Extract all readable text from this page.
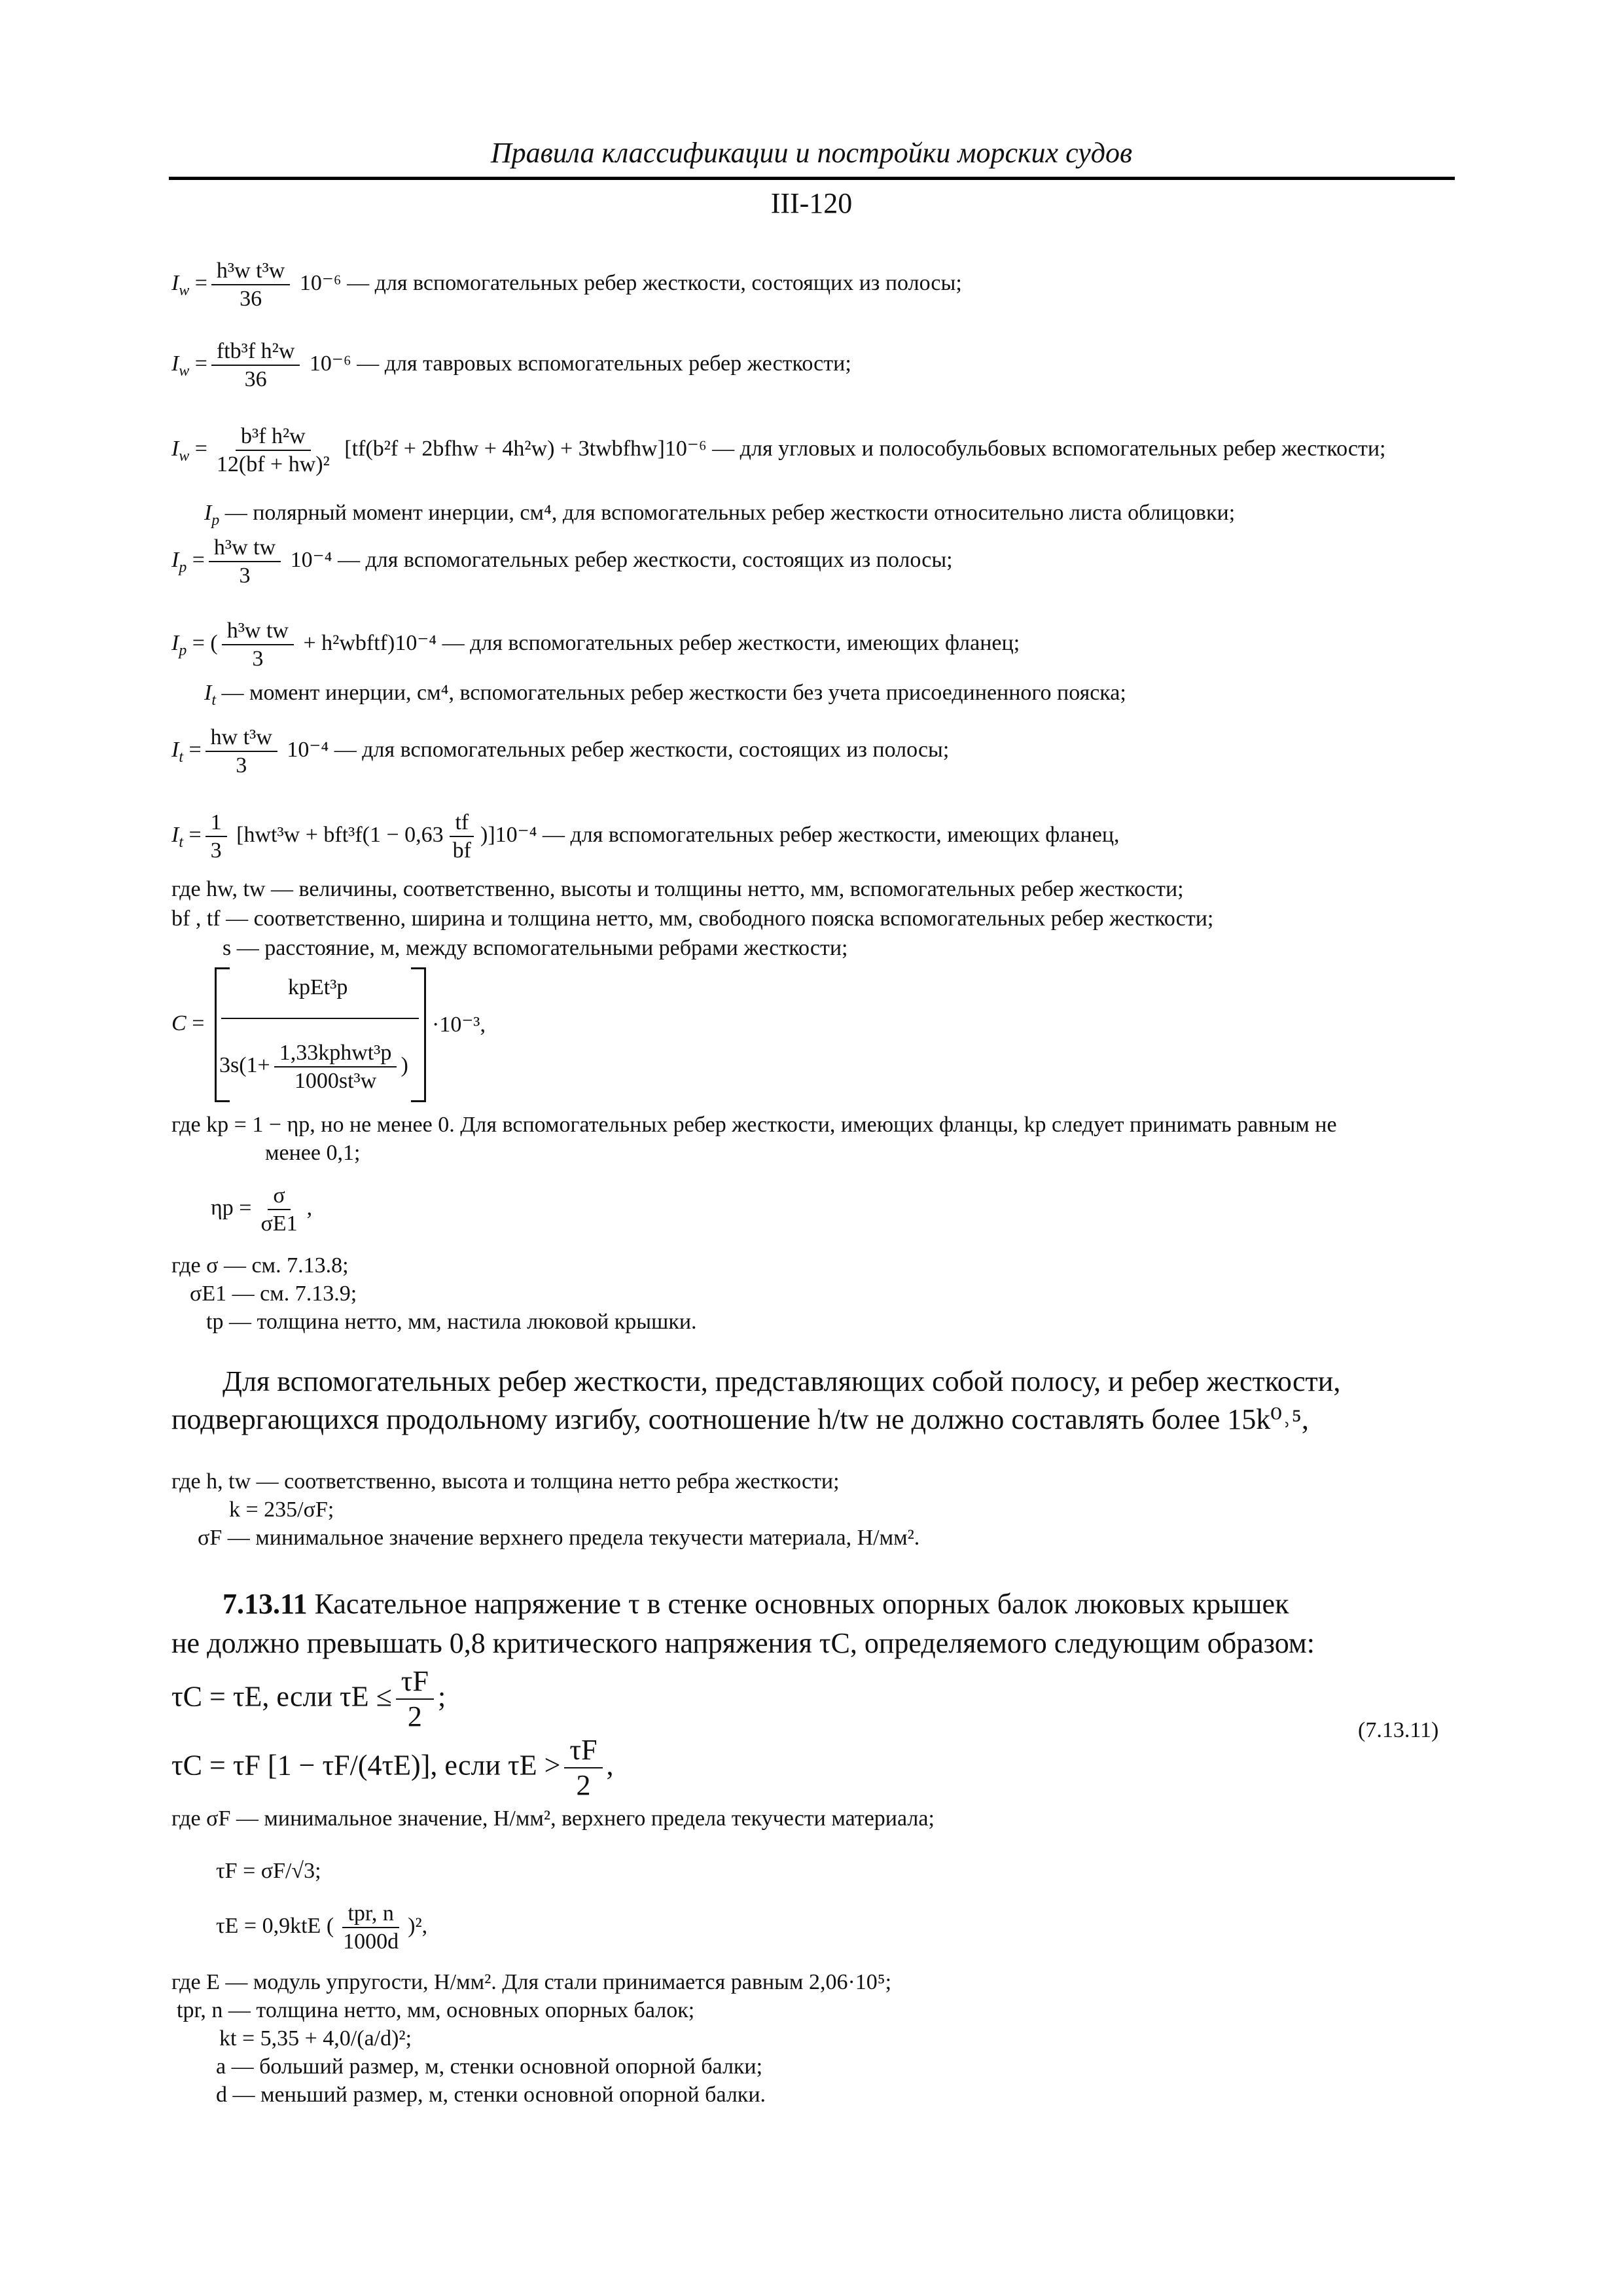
Правила классификации и постройки морских судов
III-120
$I_w = \frac{\text{h³w t³w}}{36} 10^{-6}$ — для вспомогательных ребер жесткости, состоящих из полосы;
$I_w = \frac{\text{ftb³f h²w}}{36} 10^{-6}$ — для тавровых вспомогательных ребер жесткости;
$I_w = \frac{\text{b³f h²w}}{\text{12(bf + hw)²}} [tf(b^2f$ + 2bfhw + 4h²w) + 3twbfhw]10⁻⁶ — для угловых и полособульбовых вспомогательных ребер жесткости;
$I_p$ — полярный момент инерции, см⁴, для вспомогательных ребер жесткости относительно листа облицовки;
$I_p = \frac{\text{h³w tw}}{3} 10^{-4}$ — для вспомогательных ребер жесткости, состоящих из полосы;
$I_p$ = ( $\frac{\text{h³w tw}}{3}$ + h²wbftf)10⁻⁴ — для вспомогательных ребер жесткости, имеющих фланец;
$I_t$ — момент инерции, см⁴, вспомогательных ребер жесткости без учета присоединенного пояска;
$I_t = \frac{\text{hw t³w}}{3} 10^{-4}$ — для вспомогательных ребер жесткости, состоящих из полосы;
$I_t = \frac{1}{3} [hwt^3w + bft^3f(1 - 0,63 \frac{tf}{bf} )]10^{-4}$ — для вспомогательных ребер жесткости, имеющих фланец,
где hw, tw — величины, соответственно, высоты и толщины нетто, мм, вспомогательных ребер жесткости;
bf , tf — соответственно, ширина и толщина нетто, мм, свободного пояска вспомогательных ребер жесткости;
s — расстояние, м, между вспомогательными ребрами жесткости;
C =
kpEt³p
$3s(1+ \frac{\text{1,33kphwt³p}}{\text{1000st³w}}$ )
·10⁻³,
где kp = 1 − ηp, но не менее 0. Для вспомогательных ребер жесткости, имеющих фланцы, kp следует принимать равным не
менее 0,1;
$\eta p = \frac{\sigma}{\sigma E1}$ ,
где σ — см. 7.13.8;
σE1 — см. 7.13.9;
tp — толщина нетто, мм, настила люковой крышки.
Для вспомогательных ребер жесткости, представляющих собой полосу, и ребер жесткости,
подвергающихся продольному изгибу, соотношение h/tw не должно составлять более 15k⁰˒⁵,
где h, tw — соответственно, высота и толщина нетто ребра жесткости;
k = 235/σF;
σF — минимальное значение верхнего предела текучести материала, Н/мм².
7.13.11 Касательное напряжение τ в стенке основных опорных балок люковых крышек
не должно превышать 0,8 критического напряжения τC, определяемого следующим образом:
τC = τE, если $\tau E \le \frac{\tau F}{2}$ ;
(7.13.11)
τC = τF [1 − τF/(4τE)], если $\tau E > \frac{\tau F}{2}$ ,
где σF — минимальное значение, Н/мм², верхнего предела текучести материала;
τF = σF/√3;
τE = 0,9ktE ( $\frac{\text{tpr, n}}{1000d} )^2$,
где E — модуль упругости, Н/мм². Для стали принимается равным 2,06·10⁵;
tpr, n — толщина нетто, мм, основных опорных балок;
kt = 5,35 + 4,0/(a/d)²;
a — больший размер, м, стенки основной опорной балки;
d — меньший размер, м, стенки основной опорной балки.
